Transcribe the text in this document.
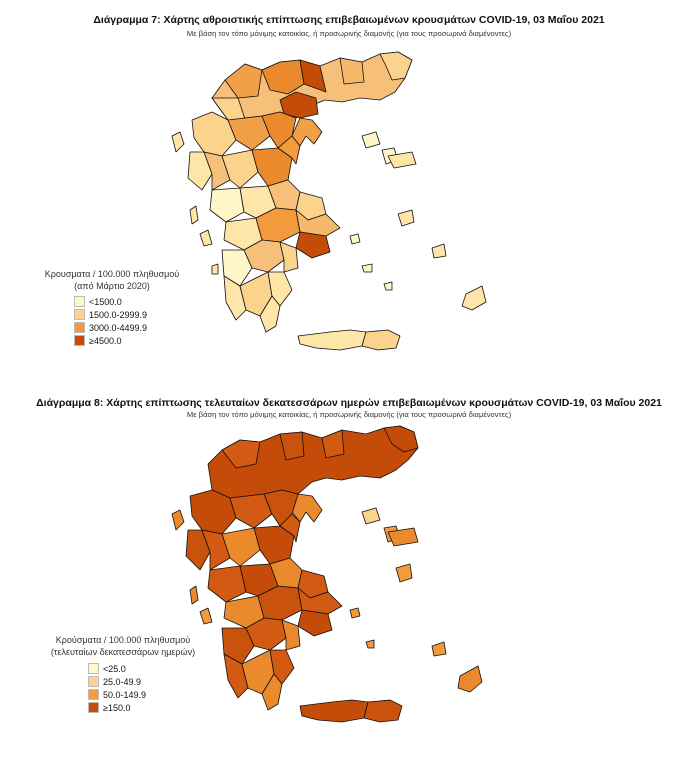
Διάγραμμα 7: Χάρτης αθροιστικής επίπτωσης επιβεβαιωμένων κρουσμάτων COVID-19, 03 Μαΐου 2021
Με βάση τον τόπο μόνιμης κατοικίας, ή προσωρινής διαμονής (για τους προσωρινά διαμένοντες)
Κρουσματα / 100.000 πληθυσμού
(από Μάρτιο 2020)
<1500.0
1500.0-2999.9
3000.0-4499.9
≥4500.0
Διάγραμμα 8: Χάρτης επίπτωσης τελευταίων δεκατεσσάρων ημερών επιβεβαιωμένων κρουσμάτων COVID-19, 03 Μαΐου 2021
Με βάση τον τόπο μόνιμης κατοικίας, ή προσωρινής διαμονής (για τους προσωρινά διαμένοντες)
Κρούσματα / 100.000 πληθυσμού
(τελευταίων δεκατεσσάρων ημερών)
<25.0
25.0-49.9
50.0-149.9
≥150.0
